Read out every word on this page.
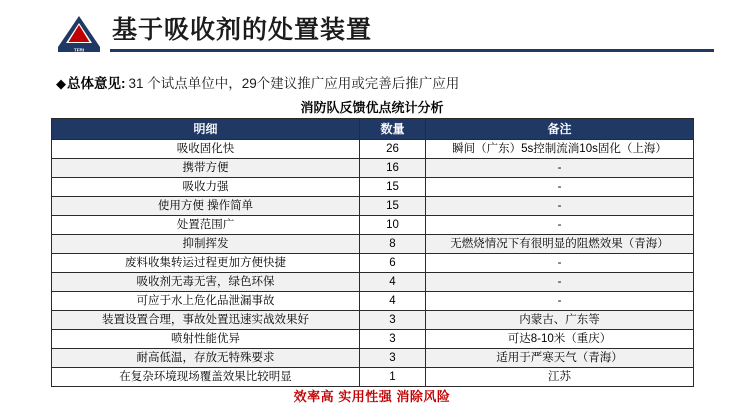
TFRI
基于吸收剂的处置装置
◆ 总体意见: 31 个试点单位中，29个建议推广应用或完善后推广应用
消防队反馈优点统计分析
明细	数量	备注
吸收固化快	26	瞬间（广东）5s控制流淌10s固化（上海）
携带方便	16	-
吸收力强	15	-
使用方便 操作简单	15	-
处置范围广	10	-
抑制挥发	8	无燃烧情况下有很明显的阻燃效果（青海）
废料收集转运过程更加方便快捷	6	-
吸收剂无毒无害，绿色环保	4	-
可应于水上危化品泄漏事故	4	-
装置设置合理，事故处置迅速实战效果好	3	内蒙古、广东等
喷射性能优异	3	可达8-10米（重庆）
耐高低温，存放无特殊要求	3	适用于严寒天气（青海）
在复杂环境现场覆盖效果比较明显	1	江苏
效率高 实用性强 消除风险
